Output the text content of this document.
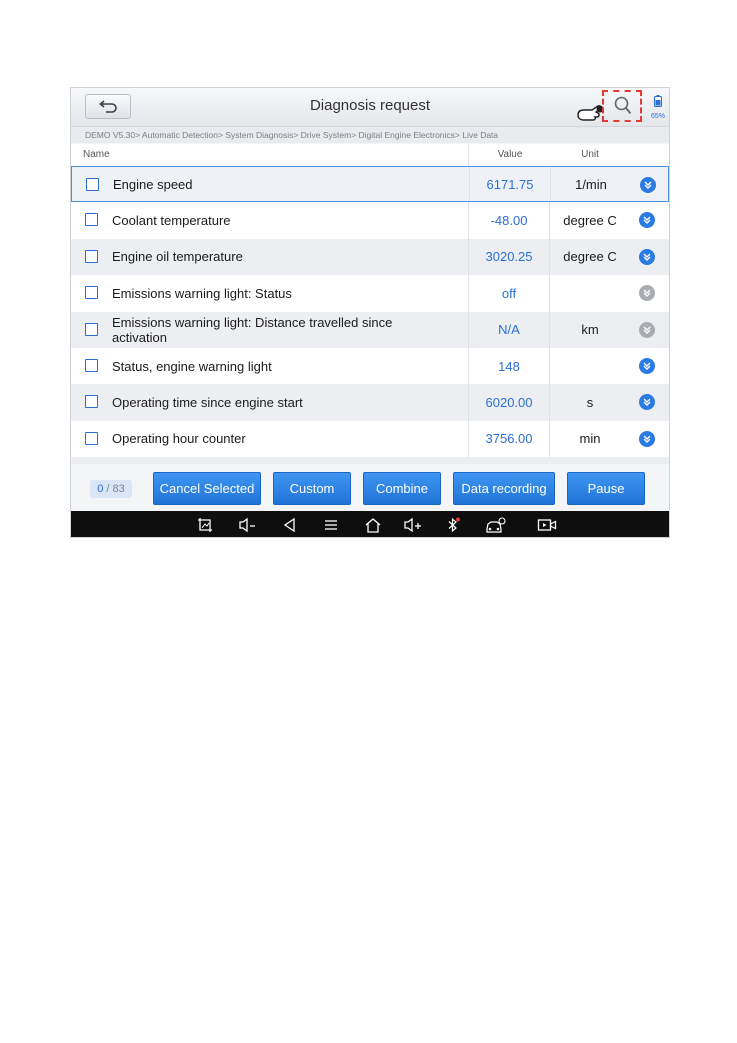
Diagnosis request
65%
DEMO V5.30> Automatic Detection> System Diagnosis> Drive System> Digital Engine Electronics> Live Data
Name	Value	Unit
Engine speed	6171.75	1/min
Coolant temperature	-48.00	degree C
Engine oil temperature	3020.25	degree C
Emissions warning light: Status	off
Emissions warning light: Distance travelled since activation	N/A	km
Status, engine warning light	148
Operating time since engine start	6020.00	s
Operating hour counter	3756.00	min
0 / 83	Cancel Selected	Custom	Combine	Data recording	Pause
